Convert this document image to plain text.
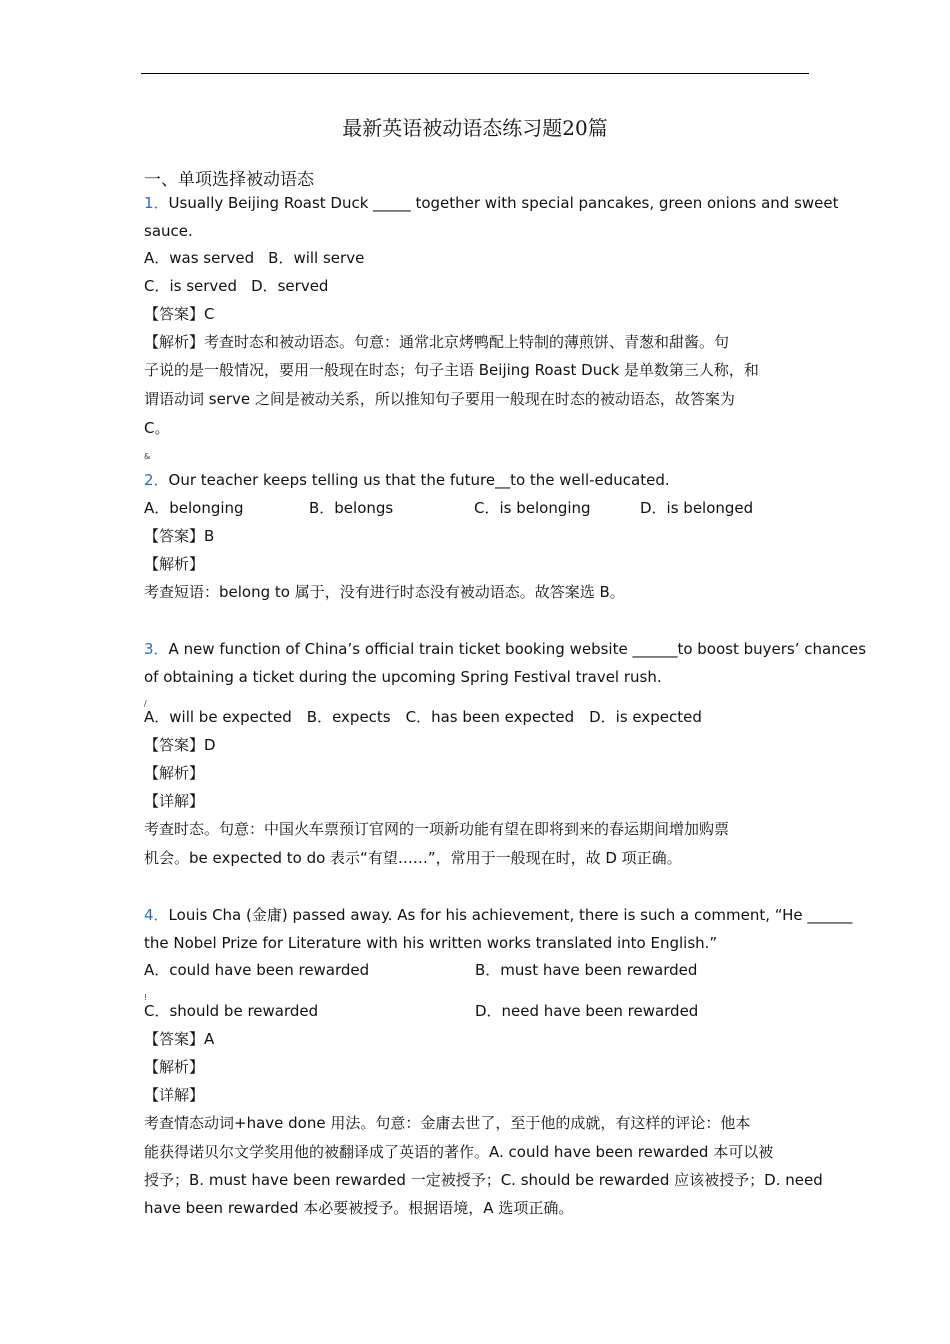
最新英语被动语态练习题20篇
一、单项选择被动语态
1．Usually Beijing Roast Duck _____ together with special pancakes, green onions and sweet
sauce.
A．was served B．will serve
C．is served D．served
【答案】C
【解析】考查时态和被动语态。句意：通常北京烤鸭配上特制的薄煎饼、青葱和甜酱。句
子说的是一般情况，要用一般现在时态；句子主语 Beijing Roast Duck 是单数第三人称，和
谓语动词 serve 之间是被动关系，所以推知句子要用一般现在时态的被动语态，故答案为
C。
&
2．Our teacher keeps telling us that the future__to the well-educated.
A．belonging	B．belongs	C．is belonging	D．is belonged
【答案】B
【解析】
考查短语：belong to 属于，没有进行时态没有被动语态。故答案选 B。
3．A new function of China’s official train ticket booking website ______to boost buyers’ chances
of obtaining a ticket during the upcoming Spring Festival travel rush.
/
A．will be expected B．expects C．has been expected D．is expected
【答案】D
【解析】
【详解】
考查时态。句意：中国火车票预订官网的一项新功能有望在即将到来的春运期间增加购票
机会。be expected to do 表示“有望……”，常用于一般现在时，故 D 项正确。
4．Louis Cha (金庸) passed away. As for his achievement, there is such a comment, “He ______
the Nobel Prize for Literature with his written works translated into English.”
A．could have been rewarded	B．must have been rewarded
!
C．should be rewarded	D．need have been rewarded
【答案】A
【解析】
【详解】
考查情态动词+have done 用法。句意：金庸去世了，至于他的成就，有这样的评论：他本
能获得诺贝尔文学奖用他的被翻译成了英语的著作。A. could have been rewarded 本可以被
授予；B. must have been rewarded 一定被授予；C. should be rewarded 应该被授予；D. need
have been rewarded 本必要被授予。根据语境，A 选项正确。
